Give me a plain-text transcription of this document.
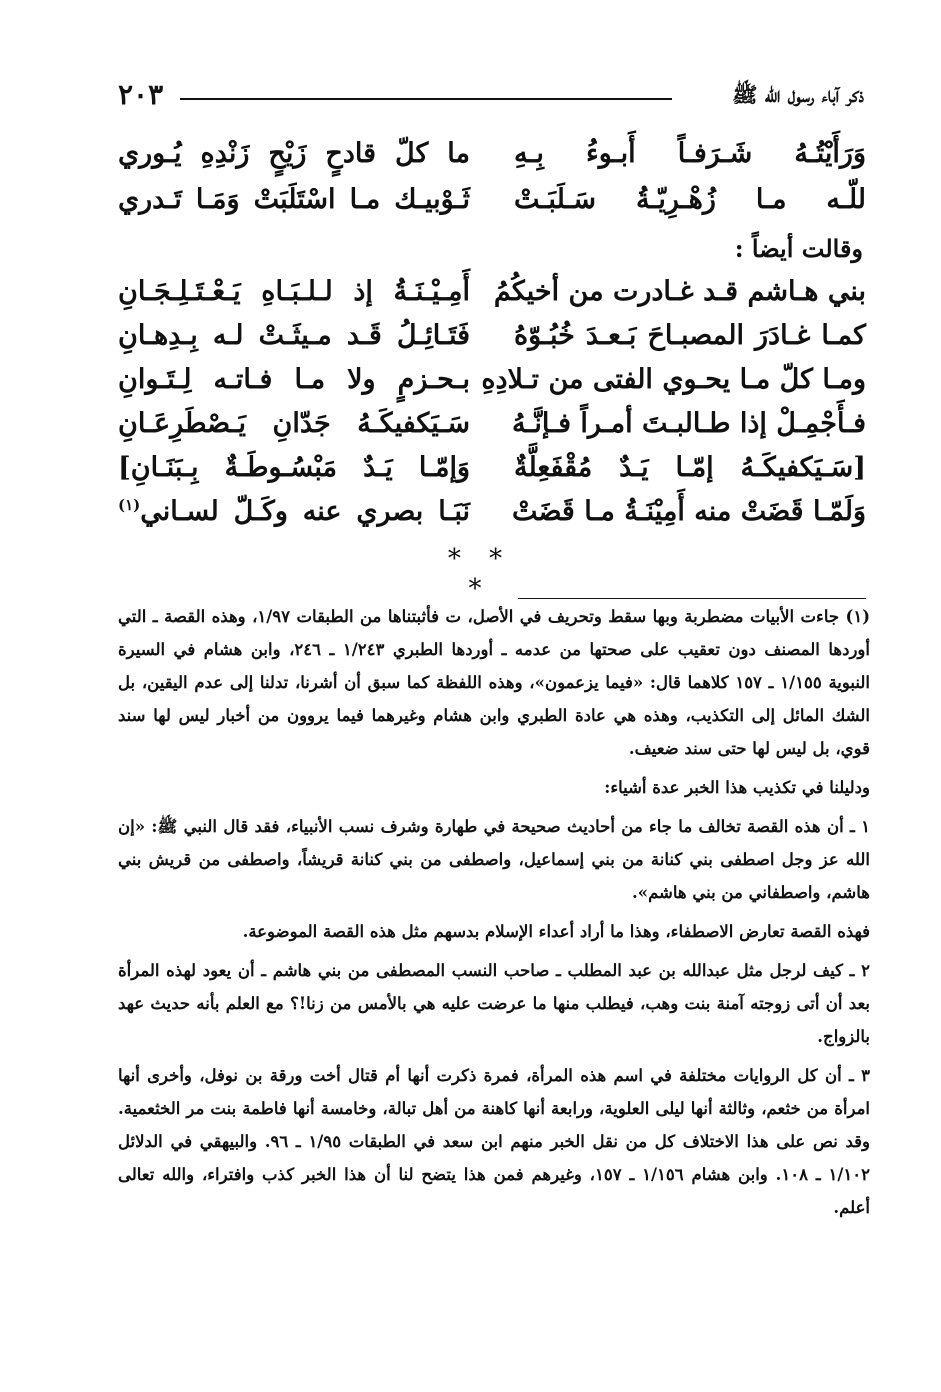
ذكر آباء رسول الله ﷺ
٢٠٣
وَرَأَيْتُـهُ شَـرَفـاً أَبـوءُ بِـهِ
ما كلّ قادحٍ زَيْحٍ زَنْدِهِ يُـوري
للّـه مـا زُهْـرِيّـةُ سَـلَبَـتْ
ثَـوْبيـك مـا اسْتَلَبَتْ وَمَـا تَـدري
وقالت أيضاً :
بني هـاشم قـد غـادرت من أخيكُمُ
أَمِـيْـنَـةُ إذ لـلـبَـاهِ يَـعْـتَـلِـجَـانِ
كمـا غـادَرَ المصبـاحَ بَـعـدَ خُبُـوّهُ
فَتَـائِـلُ قَـد مـيثَـتْ لـه بِـدِهـانِ
ومـا كلّ مـا يحـوي الفتى من تـلادِهِ
بـحـزمٍ ولا مـا فـاتـه لِـتَـوانِ
فـأَجْمِـلْ إذا طـالبـتَ أمـراً فـإنَّـهُ
سَـيَكفيكَـهُ جَدّانِ يَـصْطَرِعَـانِ
[سَـيَكفيكَـهُ إمّـا يَـدٌ مُقْفَعِلَّةٌ
وَإمّـا يَـدٌ مَبْسُـوطَـةٌ بِـبَنَـانِ]
وَلَمّـا قَضَتْ منه أَمِيْنَـةُ مـا قَضَتْ
نَبَـا بصري عنه وكَـلّ لسـاني$^{(١)}$
* * *

(١) جاءت الأبيات مضطربة وبها سقط وتحريف في الأصل، ت فأثبتناها من الطبقات ١/٩٧، وهذه القصة ـ التي أوردها المصنف دون تعقيب على صحتها من عدمه ـ أوردها الطبري ١/٢٤٣ ـ ٢٤٦، وابن هشام في السيرة النبوية ١/١٥٥ ـ ١٥٧ كلاهما قال: «فيما يزعمون»، وهذه اللفظة كما سبق أن أشرنا، تدلنا إلى عدم اليقين، بل الشك المائل إلى التكذيب، وهذه هي عادة الطبري وابن هشام وغيرهما فيما يروون من أخبار ليس لها سند قوي، بل ليس لها حتى سند ضعيف.

ودليلنا في تكذيب هذا الخبر عدة أشياء:

١ ـ أن هذه القصة تخالف ما جاء من أحاديث صحيحة في طهارة وشرف نسب الأنبياء، فقد قال النبي ﷺ: «إن الله عز وجل اصطفى بني كنانة من بني إسماعيل، واصطفى من بني كنانة قريشاً، واصطفى من قريش بني هاشم، واصطفاني من بني هاشم».

فهذه القصة تعارض الاصطفاء، وهذا ما أراد أعداء الإسلام بدسهم مثل هذه القصة الموضوعة.

٢ ـ كيف لرجل مثل عبدالله بن عبد المطلب ـ صاحب النسب المصطفى من بني هاشم ـ أن يعود لهذه المرأة بعد أن أتى زوجته آمنة بنت وهب، فيطلب منها ما عرضت عليه هي بالأمس من زنا!؟ مع العلم بأنه حديث عهد بالزواج.

٣ ـ أن كل الروايات مختلفة في اسم هذه المرأة، فمرة ذكرت أنها أم قتال أخت ورقة بن نوفل، وأخرى أنها امرأة من خثعم، وثالثة أنها ليلى العلوية، ورابعة أنها كاهنة من أهل تبالة، وخامسة أنها فاطمة بنت مر الخثعمية. وقد نص على هذا الاختلاف كل من نقل الخبر منهم ابن سعد في الطبقات ١/٩٥ ـ ٩٦. والبيهقي في الدلائل ١/١٠٢ ـ ١٠٨. وابن هشام ١/١٥٦ ـ ١٥٧، وغيرهم فمن هذا يتضح لنا أن هذا الخبر كذب وافتراء، والله تعالى أعلم.
